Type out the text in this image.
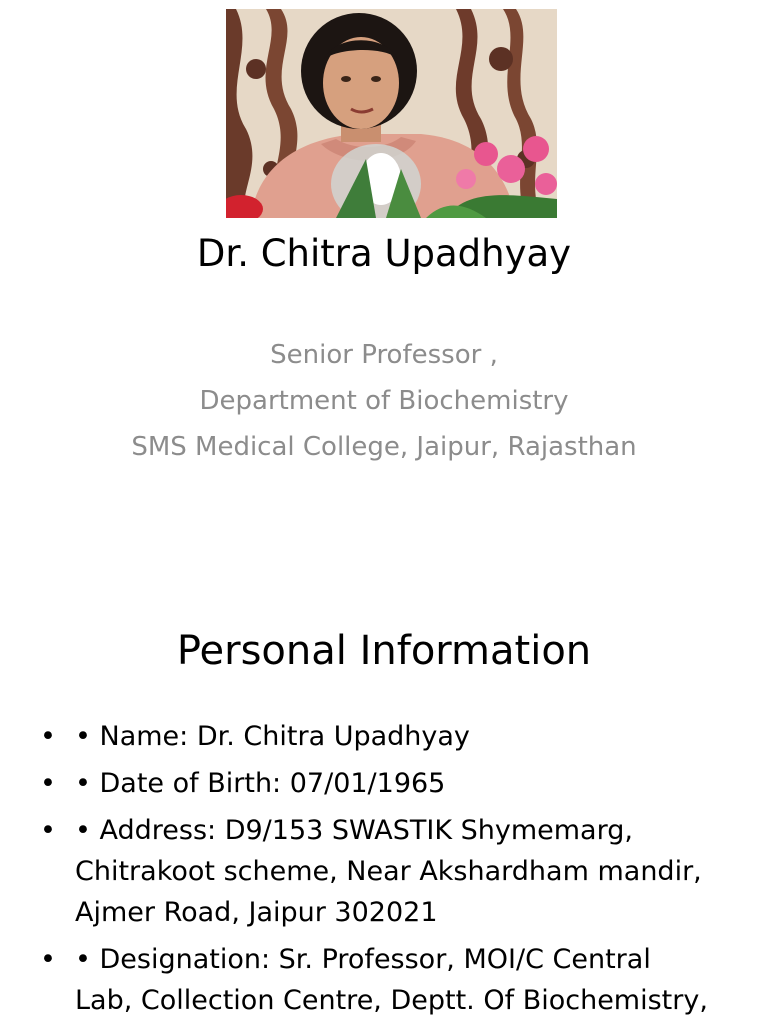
Dr. Chitra Upadhyay
Senior Professor ,
Department of Biochemistry
SMS Medical College, Jaipur, Rajasthan
Personal Information
• • Name: Dr. Chitra Upadhyay
• • Date of Birth: 07/01/1965
• • Address: D9/153 SWASTIK Shymemarg,
Chitrakoot scheme, Near Akshardham mandir,
Ajmer Road, Jaipur 302021
• • Designation: Sr. Professor, MOI/C Central
Lab, Collection Centre, Deptt. Of Biochemistry,
